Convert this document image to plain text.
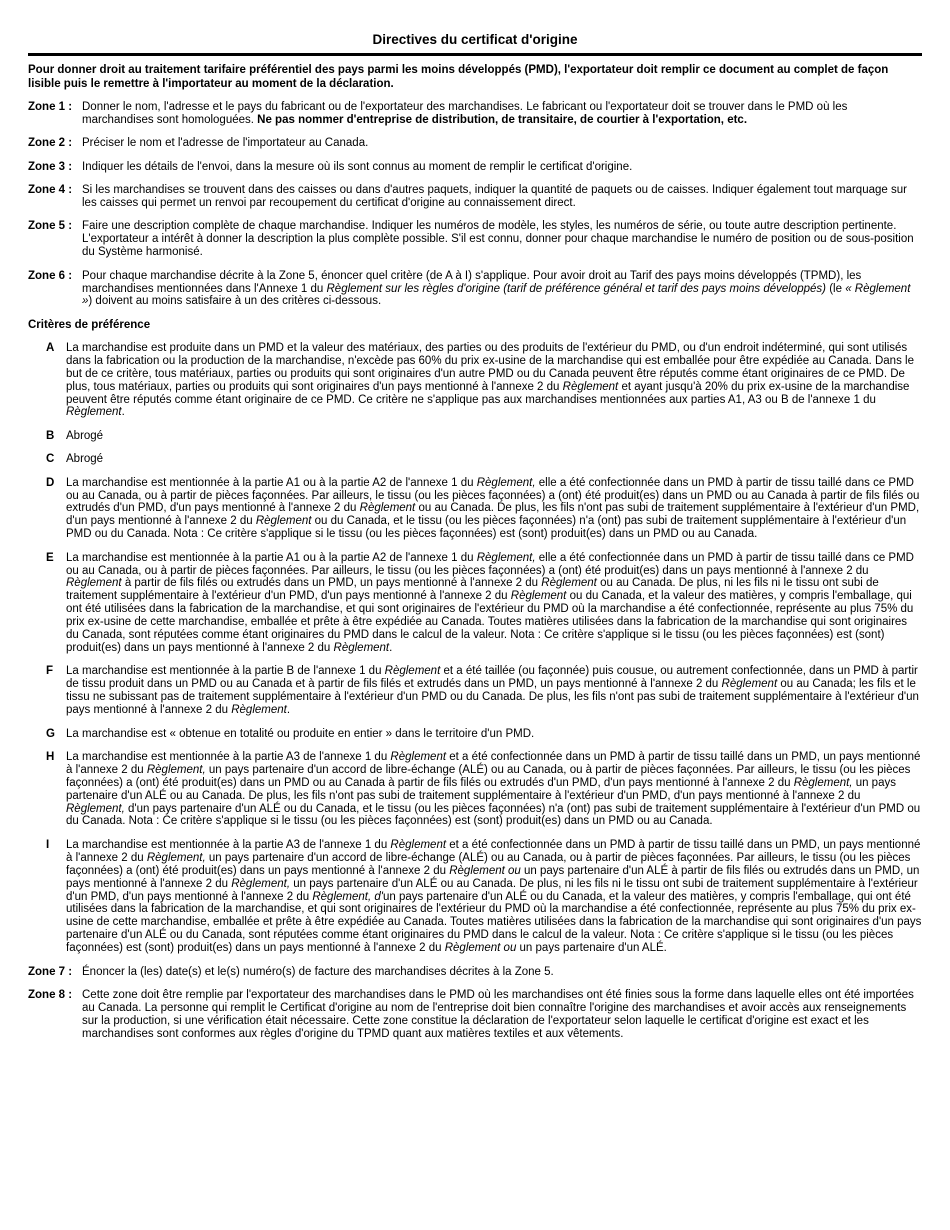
Directives du certificat d'origine

Pour donner droit au traitement tarifaire préférentiel des pays parmi les moins développés (PMD), l'exportateur doit remplir ce document au complet de façon lisible puis le remettre à l'importateur au moment de la déclaration.

Zone 1 : Donner le nom, l'adresse et le pays du fabricant ou de l'exportateur des marchandises. Le fabricant ou l'exportateur doit se trouver dans le PMD où les marchandises sont homologuées. Ne pas nommer d'entreprise de distribution, de transitaire, de courtier à l'exportation, etc.
Zone 2 : Préciser le nom et l'adresse de l'importateur au Canada.
Zone 3 : Indiquer les détails de l'envoi, dans la mesure où ils sont connus au moment de remplir le certificat d'origine.
Zone 4 : Si les marchandises se trouvent dans des caisses ou dans d'autres paquets, indiquer la quantité de paquets ou de caisses. Indiquer également tout marquage sur les caisses qui permet un renvoi par recoupement du certificat d'origine au connaissement direct.
Zone 5 : Faire une description complète de chaque marchandise. Indiquer les numéros de modèle, les styles, les numéros de série, ou toute autre description pertinente. L'exportateur a intérêt à donner la description la plus complète possible. S'il est connu, donner pour chaque marchandise le numéro de position ou de sous-position du Système harmonisé.
Zone 6 : Pour chaque marchandise décrite à la Zone 5, énoncer quel critère (de A à I) s'applique. Pour avoir droit au Tarif des pays moins développés (TPMD), les marchandises mentionnées dans l'Annexe 1 du Règlement sur les règles d'origine (tarif de préférence général et tarif des pays moins développés) (le « Règlement ») doivent au moins satisfaire à un des critères ci-dessous.
Critères de préférence
A	La marchandise est produite dans un PMD et la valeur des matériaux, des parties ou des produits de l'extérieur du PMD, ou d'un endroit indéterminé, qui sont utilisés dans la fabrication ou la production de la marchandise, n'excède pas 60% du prix ex-usine de la marchandise qui est emballée pour être expédiée au Canada. Dans le but de ce critère, tous matériaux, parties ou produits qui sont originaires d'un autre PMD ou du Canada peuvent être réputés comme étant originaires de ce PMD. De plus, tous matériaux, parties ou produits qui sont originaires d'un pays mentionné à l'annexe 2 du Règlement et ayant jusqu'à 20% du prix ex-usine de la marchandise peuvent être réputés comme étant originaire de ce PMD. Ce critère ne s'applique pas aux marchandises mentionnées aux parties A1, A3 ou B de l'annexe 1 du Règlement.
B	Abrogé
C	Abrogé
D	La marchandise est mentionnée à la partie A1 ou à la partie A2 de l'annexe 1 du Règlement, elle a été confectionnée dans un PMD à partir de tissu taillé dans ce PMD ou au Canada, ou à partir de pièces façonnées. Par ailleurs, le tissu (ou les pièces façonnées) a (ont) été produit(es) dans un PMD ou au Canada à partir de fils filés ou extrudés d'un PMD, d'un pays mentionné à l'annexe 2 du Règlement ou au Canada. De plus, les fils n'ont pas subi de traitement supplémentaire à l'extérieur d'un PMD, d'un pays mentionné à l'annexe 2 du Règlement ou du Canada, et le tissu (ou les pièces façonnées) n'a (ont) pas subi de traitement supplémentaire à l'extérieur d'un PMD ou du Canada. Nota : Ce critère s'applique si le tissu (ou les pièces façonnées) est (sont) produit(es) dans un PMD ou au Canada.
E	La marchandise est mentionnée à la partie A1 ou à la partie A2 de l'annexe 1 du Règlement, elle a été confectionnée dans un PMD à partir de tissu taillé dans ce PMD ou au Canada, ou à partir de pièces façonnées. Par ailleurs, le tissu (ou les pièces façonnées) a (ont) été produit(es) dans un pays mentionné à l'annexe 2 du Règlement à partir de fils filés ou extrudés dans un PMD, un pays mentionné à l'annexe 2 du Règlement ou au Canada. De plus, ni les fils ni le tissu ont subi de traitement supplémentaire à l'extérieur d'un PMD, d'un pays mentionné à l'annexe 2 du Règlement ou du Canada, et la valeur des matières, y compris l'emballage, qui ont été utilisées dans la fabrication de la marchandise, et qui sont originaires de l'extérieur du PMD où la marchandise a été confectionnée, représente au plus 75% du prix ex-usine de cette marchandise, emballée et prête à être expédiée au Canada. Toutes matières utilisées dans la fabrication de la marchandise qui sont originaires du Canada, sont réputées comme étant originaires du PMD dans le calcul de la valeur. Nota : Ce critère s'applique si le tissu (ou les pièces façonnées) est (sont) produit(es) dans un pays mentionné à l'annexe 2 du Règlement.
F	La marchandise est mentionnée à la partie B de l'annexe 1 du Règlement et a été taillée (ou façonnée) puis cousue, ou autrement confectionnée, dans un PMD à partir de tissu produit dans un PMD ou au Canada et à partir de fils filés et extrudés dans un PMD, un pays mentionné à l'annexe 2 du Règlement ou au Canada; les fils et le tissu ne subissant pas de traitement supplémentaire à l'extérieur d'un PMD ou du Canada. De plus, les fils n'ont pas subi de traitement supplémentaire à l'extérieur d'un pays mentionné à l'annexe 2 du Règlement.
G La marchandise est « obtenue en totalité ou produite en entier » dans le territoire d'un PMD.
H	La marchandise est mentionnée à la partie A3 de l'annexe 1 du Règlement et a été confectionnée dans un PMD à partir de tissu taillé dans un PMD, un pays mentionné à l'annexe 2 du Règlement, un pays partenaire d'un accord de libre-échange (ALÉ) ou au Canada, ou à partir de pièces façonnées. Par ailleurs, le tissu (ou les pièces façonnées) a (ont) été produit(es) dans un PMD ou au Canada à partir de fils filés ou extrudés d'un PMD, d'un pays mentionné à l'annexe 2 du Règlement, un pays partenaire d'un ALÉ ou au Canada. De plus, les fils n'ont pas subi de traitement supplémentaire à l'extérieur d'un PMD, d'un pays mentionné à l'annexe 2 du Règlement, d'un pays partenaire d'un ALÉ ou du Canada, et le tissu (ou les pièces façonnées) n'a (ont) pas subi de traitement supplémentaire à l'extérieur d'un PMD ou du Canada. Nota : Ce critère s'applique si le tissu (ou les pièces façonnées) est (sont) produit(es) dans un PMD ou au Canada.
I	La marchandise est mentionnée à la partie A3 de l'annexe 1 du Règlement et a été confectionnée dans un PMD à partir de tissu taillé dans un PMD, un pays mentionné à l'annexe 2 du Règlement, un pays partenaire d'un accord de libre-échange (ALÉ) ou au Canada, ou à partir de pièces façonnées. Par ailleurs, le tissu (ou les pièces façonnées) a (ont) été produit(es) dans un pays mentionné à l'annexe 2 du Règlement ou un pays partenaire d'un ALÉ à partir de fils filés ou extrudés dans un PMD, un pays mentionné à l'annexe 2 du Règlement, un pays partenaire d'un ALÉ ou au Canada. De plus, ni les fils ni le tissu ont subi de traitement supplémentaire à l'extérieur d'un PMD, d'un pays mentionné à l'annexe 2 du Règlement, d'un pays partenaire d'un ALÉ ou du Canada, et la valeur des matières, y compris l'emballage, qui ont été utilisées dans la fabrication de la marchandise, et qui sont originaires de l'extérieur du PMD où la marchandise a été confectionnée, représente au plus 75% du prix ex-usine de cette marchandise, emballée et prête à être expédiée au Canada. Toutes matières utilisées dans la fabrication de la marchandise qui sont originaires d'un pays partenaire d'un ALÉ ou du Canada, sont réputées comme étant originaires du PMD dans le calcul de la valeur. Nota : Ce critère s'applique si le tissu (ou les pièces façonnées) est (sont) produit(es) dans un pays mentionné à l'annexe 2 du Règlement ou un pays partenaire d'un ALÉ.
Zone 7 : Énoncer la (les) date(s) et le(s) numéro(s) de facture des marchandises décrites à la Zone 5.
Zone 8 : Cette zone doit être remplie par l'exportateur des marchandises dans le PMD où les marchandises ont été finies sous la forme dans laquelle elles ont été importées au Canada. La personne qui remplit le Certificat d'origine au nom de l'entreprise doit bien connaître l'origine des marchandises et avoir accès aux renseignements sur la production, si une vérification était nécessaire. Cette zone constitue la déclaration de l'exportateur selon laquelle le certificat d'origine est exact et les marchandises sont conformes aux règles d'origine du TPMD quant aux matières textiles et aux vêtements.
